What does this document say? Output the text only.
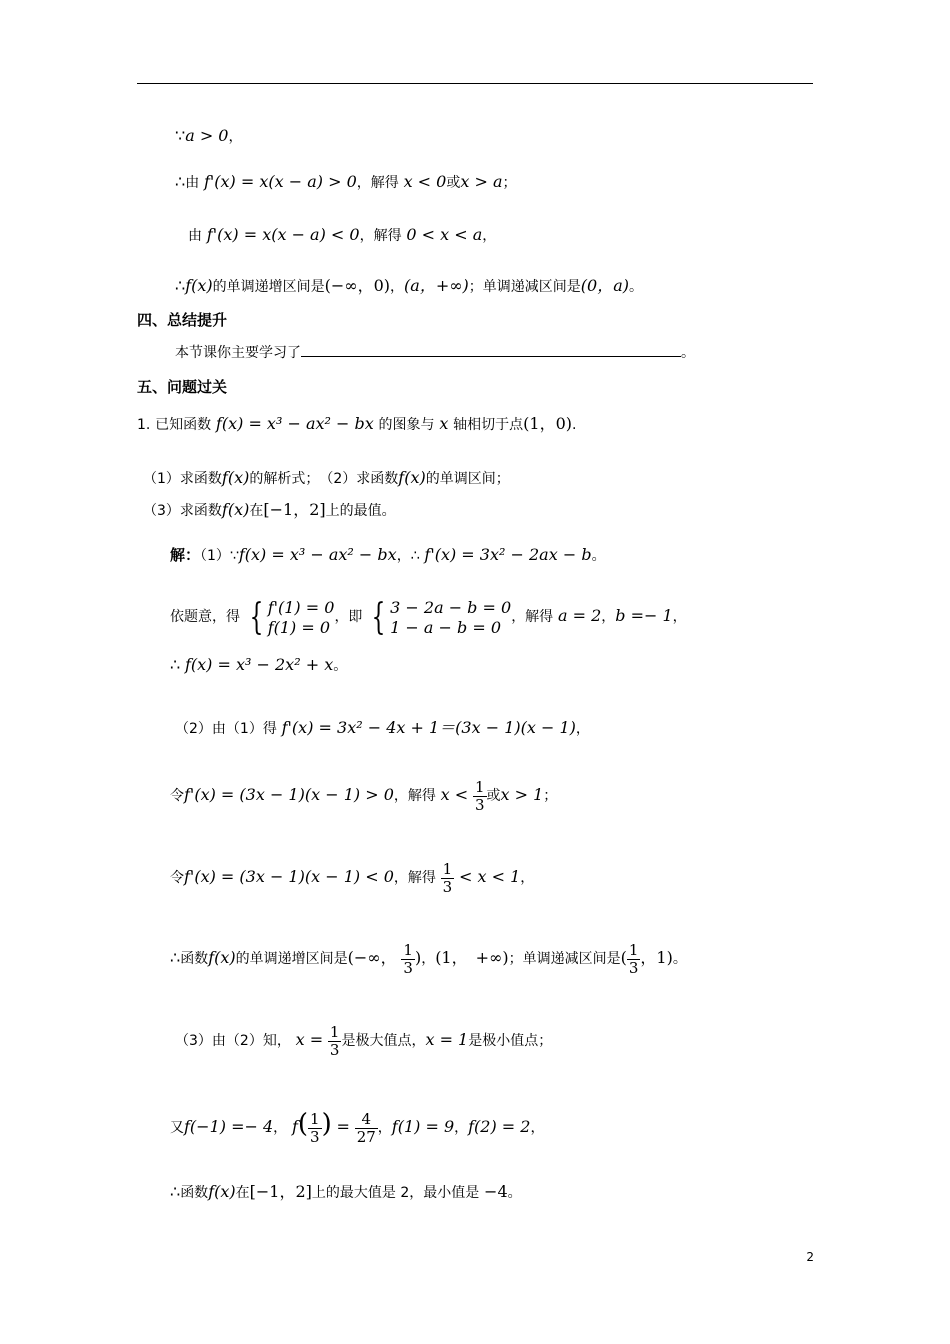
∵a > 0，
∴由 f'(x) = x(x − a) > 0，解得 x < 0或x > a；
由 f'(x) = x(x − a) < 0，解得 0 < x < a，
∴f(x)的单调递增区间是(−∞，0)，(a，+∞)；单调递减区间是(0，a)。
四、总结提升
本节课你主要学习了	。
五、问题过关
1. 已知函数 f(x) = x³ − ax² − bx 的图象与 x 轴相切于点(1，0).
（1）求函数f(x)的解析式；　（2）求函数f(x)的单调区间；
（3）求函数f(x)在[−1，2]上的最值。
解：（1）∵f(x) = x³ − ax² − bx，∴ f'(x) = 3x² − 2ax − b。
依题意，得 { f'(1) = 0
f(1) = 0
，即 { 3 − 2a − b = 0
1 − a − b = 0
，解得 a = 2，b =− 1，
∴ f(x) = x³ − 2x² + x。
（2）由（1）得 f'(x) = 3x² − 4x + 1＝(3x − 1)(x − 1)，
令f'(x) = (3x − 1)(x − 1) > 0，解得 $x < \frac{1}{3}$ 或x > 1；
令f'(x) = (3x − 1)(x − 1) < 0，解得 $\frac{1}{3} < x < 1$，
∴函数f(x)的单调递增区间是(−∞， $\frac{1}{3}$ )，(1，　+∞)；单调递减区间是( $\frac{1}{3}$ ，1)。
（3）由（2）知， $x = \frac{1}{3}$ 是极大值点，x = 1是极小值点；
又f(−1) =− 4， $f( \frac{1}{3}$ ) = $\frac{4}{27}$ ，f(1) = 9，f(2) = 2，
∴函数f(x)在[−1，2]上的最大值是 2，最小值是 −4。
2
